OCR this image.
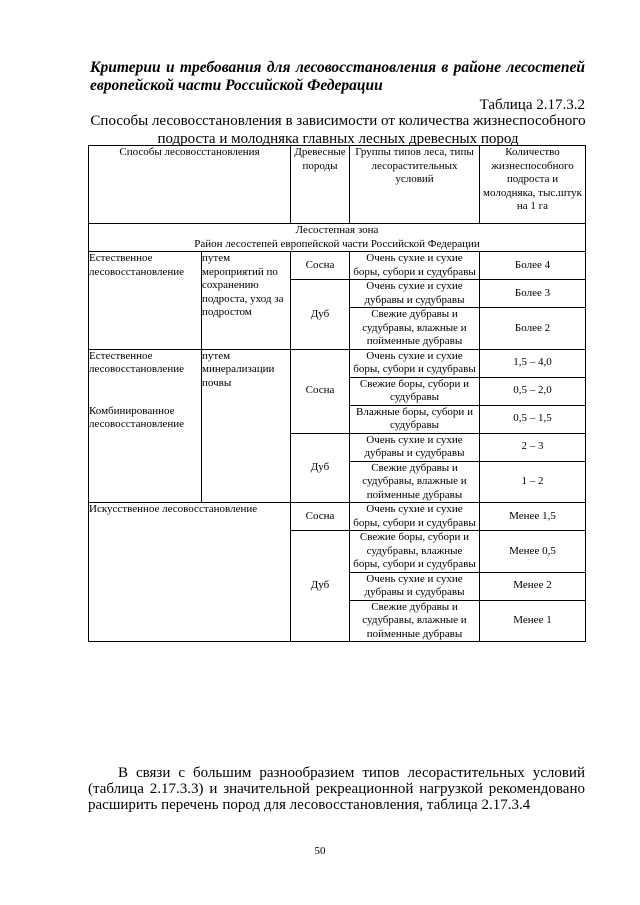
Критерии и требования для лесовосстановления в районе лесостепей европейской части Российской Федерации
Таблица 2.17.3.2
Способы лесовосстановления в зависимости от количества жизнеспособного подроста и молодняка главных лесных древесных пород
Способы лесовосстановления		Древесные породы	Группы типов леса, типы лесорастительных условий	Количество жизнеспособного подроста и молодняка, тыс.штук на 1 га

Лесостепная зона
Район лесостепей европейской части Российской Федерации				

Естественное лесовосстановление	путем мероприятий по сохранению подроста, уход за подростом	Сосна	Очень сухие и сухие боры, субори и судубравы	Более 4
		Дуб	Очень сухие и сухие дубравы и судубравы	Более 3
			Свежие дубравы и судубравы, влажные и пойменные дубравы	Более 2

Естественное лесовосстановление
Комбинированное лесовосстановление	путем минерализации почвы	Сосна	Очень сухие и сухие боры, субори и судубравы	1,5 – 4,0
			Свежие боры, субори и судубравы	0,5 – 2,0
			Влажные боры, субори и судубравы	0,5 – 1,5
		Дуб	Очень сухие и сухие дубравы и судубравы	2 – 3
			Свежие дубравы и судубравы, влажные и пойменные дубравы	1 – 2
Искусственное лесовосстановление		Сосна	Очень сухие и сухие боры, субори и судубравы	Менее 1,5
		Дуб	Свежие боры, субори и судубравы, влажные боры, субори и судубравы	Менее 0,5
			Очень сухие и сухие дубравы и судубравы	Менее 2
			Свежие дубравы и судубравы, влажные и пойменные дубравы	Менее 1

В связи с большим разнообразием типов лесорастительных условий (таблица 2.17.3.3) и значительной рекреационной нагрузкой рекомендовано расширить перечень пород для лесовосстановления, таблица 2.17.3.4

50
